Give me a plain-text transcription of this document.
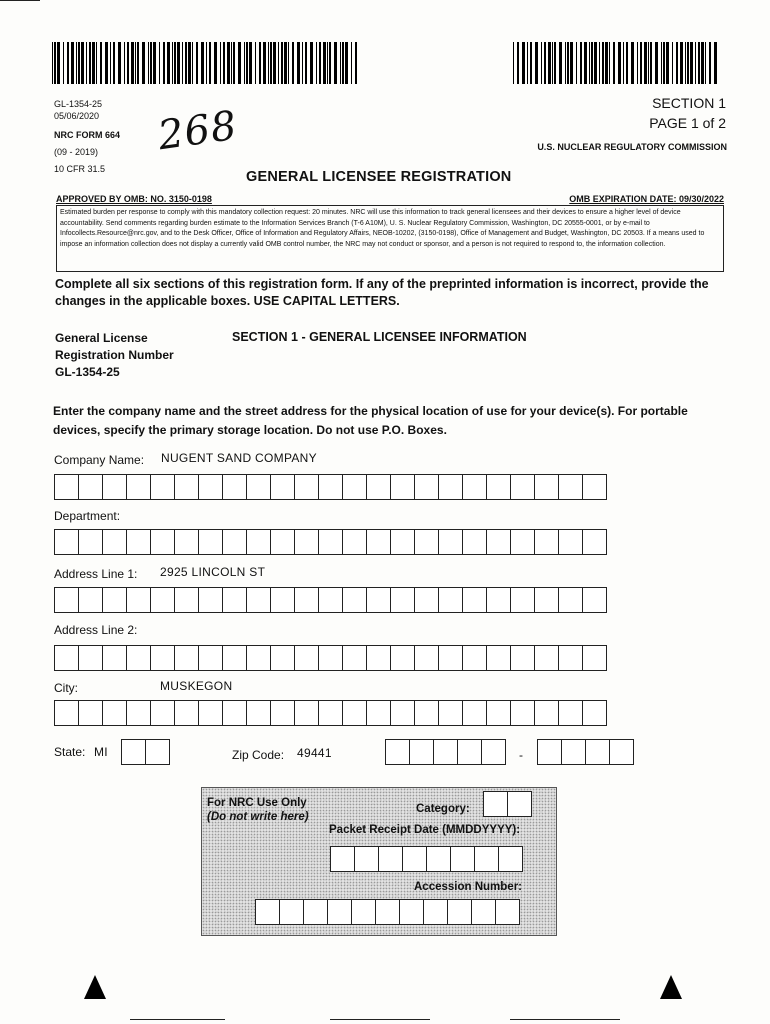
GL-1354-25
05/06/2020
NRC FORM 664
(09 - 2019)
10 CFR 31.5
268	SECTION 1
PAGE 1 of 2
U.S. NUCLEAR REGULATORY COMMISSION
GENERAL LICENSEE REGISTRATION
APPROVED BY OMB: NO. 3150-0198	OMB EXPIRATION DATE: 09/30/2022
Estimated burden per response to comply with this mandatory collection request: 20 minutes. NRC will use this information to track general licensees and their devices to ensure a higher level of device accountability. Send comments regarding burden estimate to the Information Services Branch (T-6 A10M), U. S. Nuclear Regulatory Commission, Washington, DC 20555-0001, or by e-mail to Infocollects.Resource@nrc.gov, and to the Desk Officer, Office of Information and Regulatory Affairs, NEOB-10202, (3150-0198), Office of Management and Budget, Washington, DC 20503. If a means used to impose an information collection does not display a currently valid OMB control number, the NRC may not conduct or sponsor, and a person is not required to respond to, the information collection.
Complete all six sections of this registration form. If any of the preprinted information is incorrect, provide the changes in the applicable boxes. USE CAPITAL LETTERS.
General License
Registration Number
GL-1354-25
SECTION 1 - GENERAL LICENSEE INFORMATION
Enter the company name and the street address for the physical location of use for your device(s). For portable devices, specify the primary storage location. Do not use P.O. Boxes.
Company Name: NUGENT SAND COMPANY
Department:
Address Line 1: 2925 LINCOLN ST
Address Line 2:
City:	MUSKEGON
State: MI	Zip Code: 49441	-
For NRC Use Only
(Do not write here)
Category:
Packet Receipt Date (MMDDYYYY):
Accession Number:
